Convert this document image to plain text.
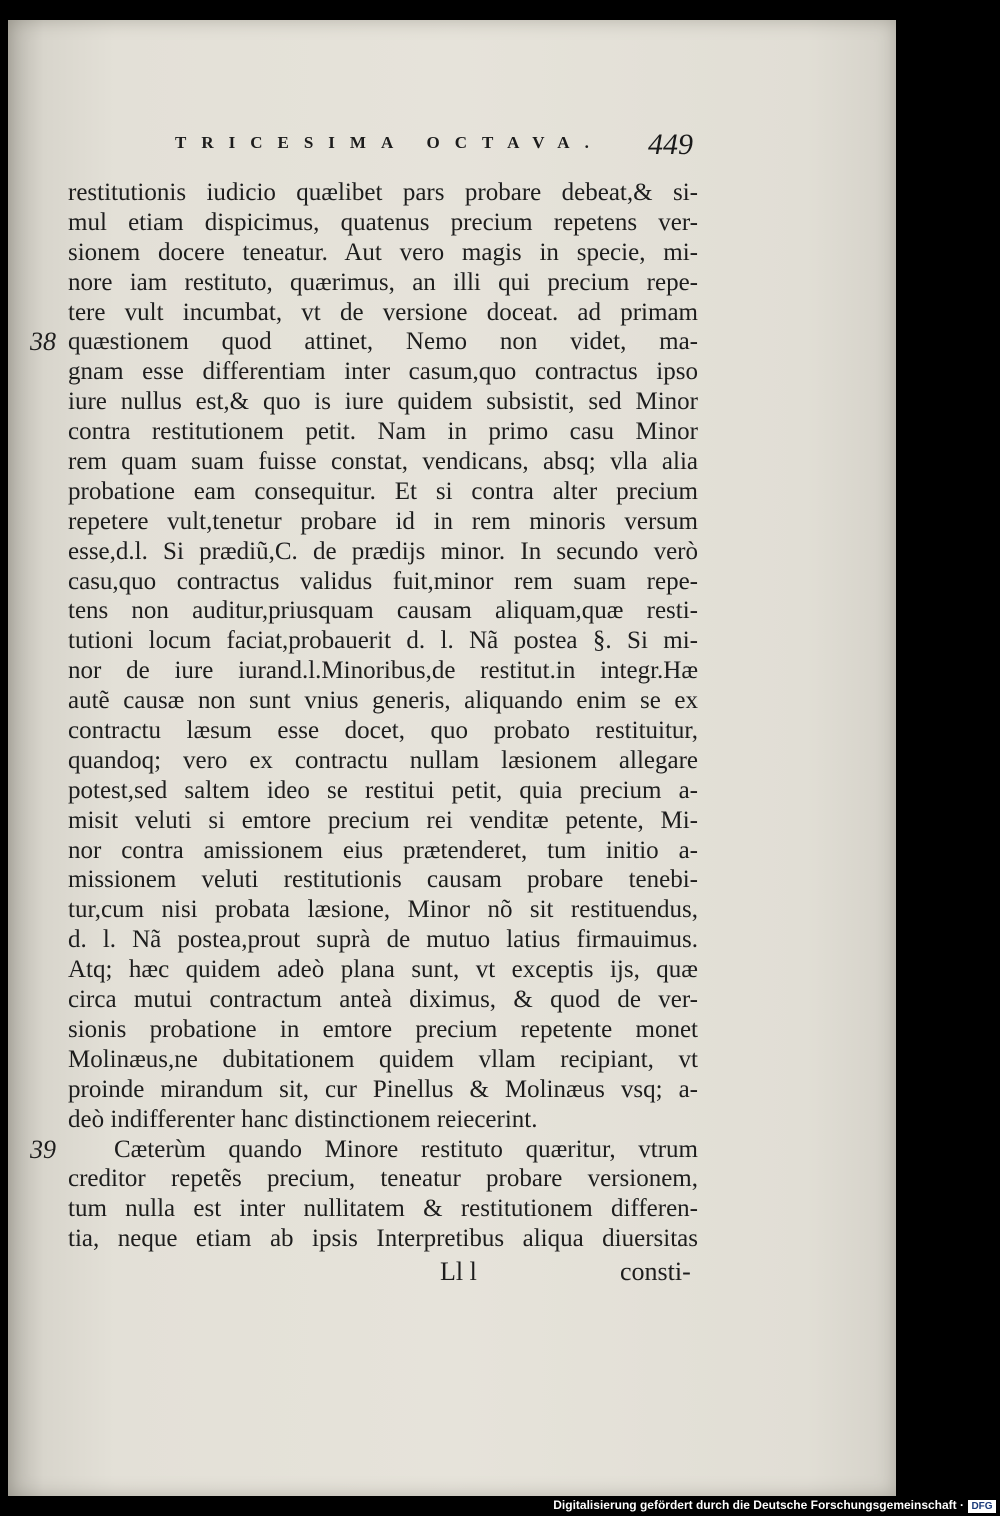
TRICESIMA OCTAVA. 449
38
39
restitutionis iudicio quælibet pars probare debeat,& si-
mul etiam dispicimus, quatenus precium repetens ver-
sionem docere teneatur. Aut vero magis in specie, mi-
nore iam restituto, quærimus, an illi qui precium repe-
tere vult incumbat, vt de versione doceat. ad primam
quæstionem quod attinet, Nemo non videt, ma-
gnam esse differentiam inter casum,quo contractus ipso
iure nullus est,& quo is iure quidem subsistit, sed Minor
contra restitutionem petit. Nam in primo casu Minor
rem quam suam fuisse constat, vendicans, absq; vlla alia
probatione eam consequitur. Et si contra alter precium
repetere vult,tenetur probare id in rem minoris versum
esse,d.l. Si prædiũ,C. de prædijs minor. In secundo verò
casu,quo contractus validus fuit,minor rem suam repe-
tens non auditur,priusquam causam aliquam,quæ resti-
tutioni locum faciat,probauerit d. l. Nã postea §. Si mi-
nor de iure iurand.l.Minoribus,de restitut.in integr.Hæ
autẽ causæ non sunt vnius generis, aliquando enim se ex
contractu læsum esse docet, quo probato restituitur,
quandoq; vero ex contractu nullam læsionem allegare
potest,sed saltem ideo se restitui petit, quia precium a-
misit veluti si emtore precium rei venditæ petente, Mi-
nor contra amissionem eius prætenderet, tum initio a-
missionem veluti restitutionis causam probare tenebi-
tur,cum nisi probata læsione, Minor nõ sit restituendus,
d. l. Nã postea,prout suprà de mutuo latius firmauimus.
Atq; hæc quidem adeò plana sunt, vt exceptis ijs, quæ
circa mutui contractum anteà diximus, & quod de ver-
sionis probatione in emtore precium repetente monet
Molinæus,ne dubitationem quidem vllam recipiant, vt
proinde mirandum sit, cur Pinellus & Molinæus vsq; a-
deò indifferenter hanc distinctionem reiecerint.
Cæterùm quando Minore restituto quæritur, vtrum
creditor repetẽs precium, teneatur probare versionem,
tum nulla est inter nullitatem & restitutionem differen-
tia, neque etiam ab ipsis Interpretibus aliqua diuersitas
Ll l	consti-
Digitalisierung gefördert durch die Deutsche Forschungsgemeinschaft · DFG
